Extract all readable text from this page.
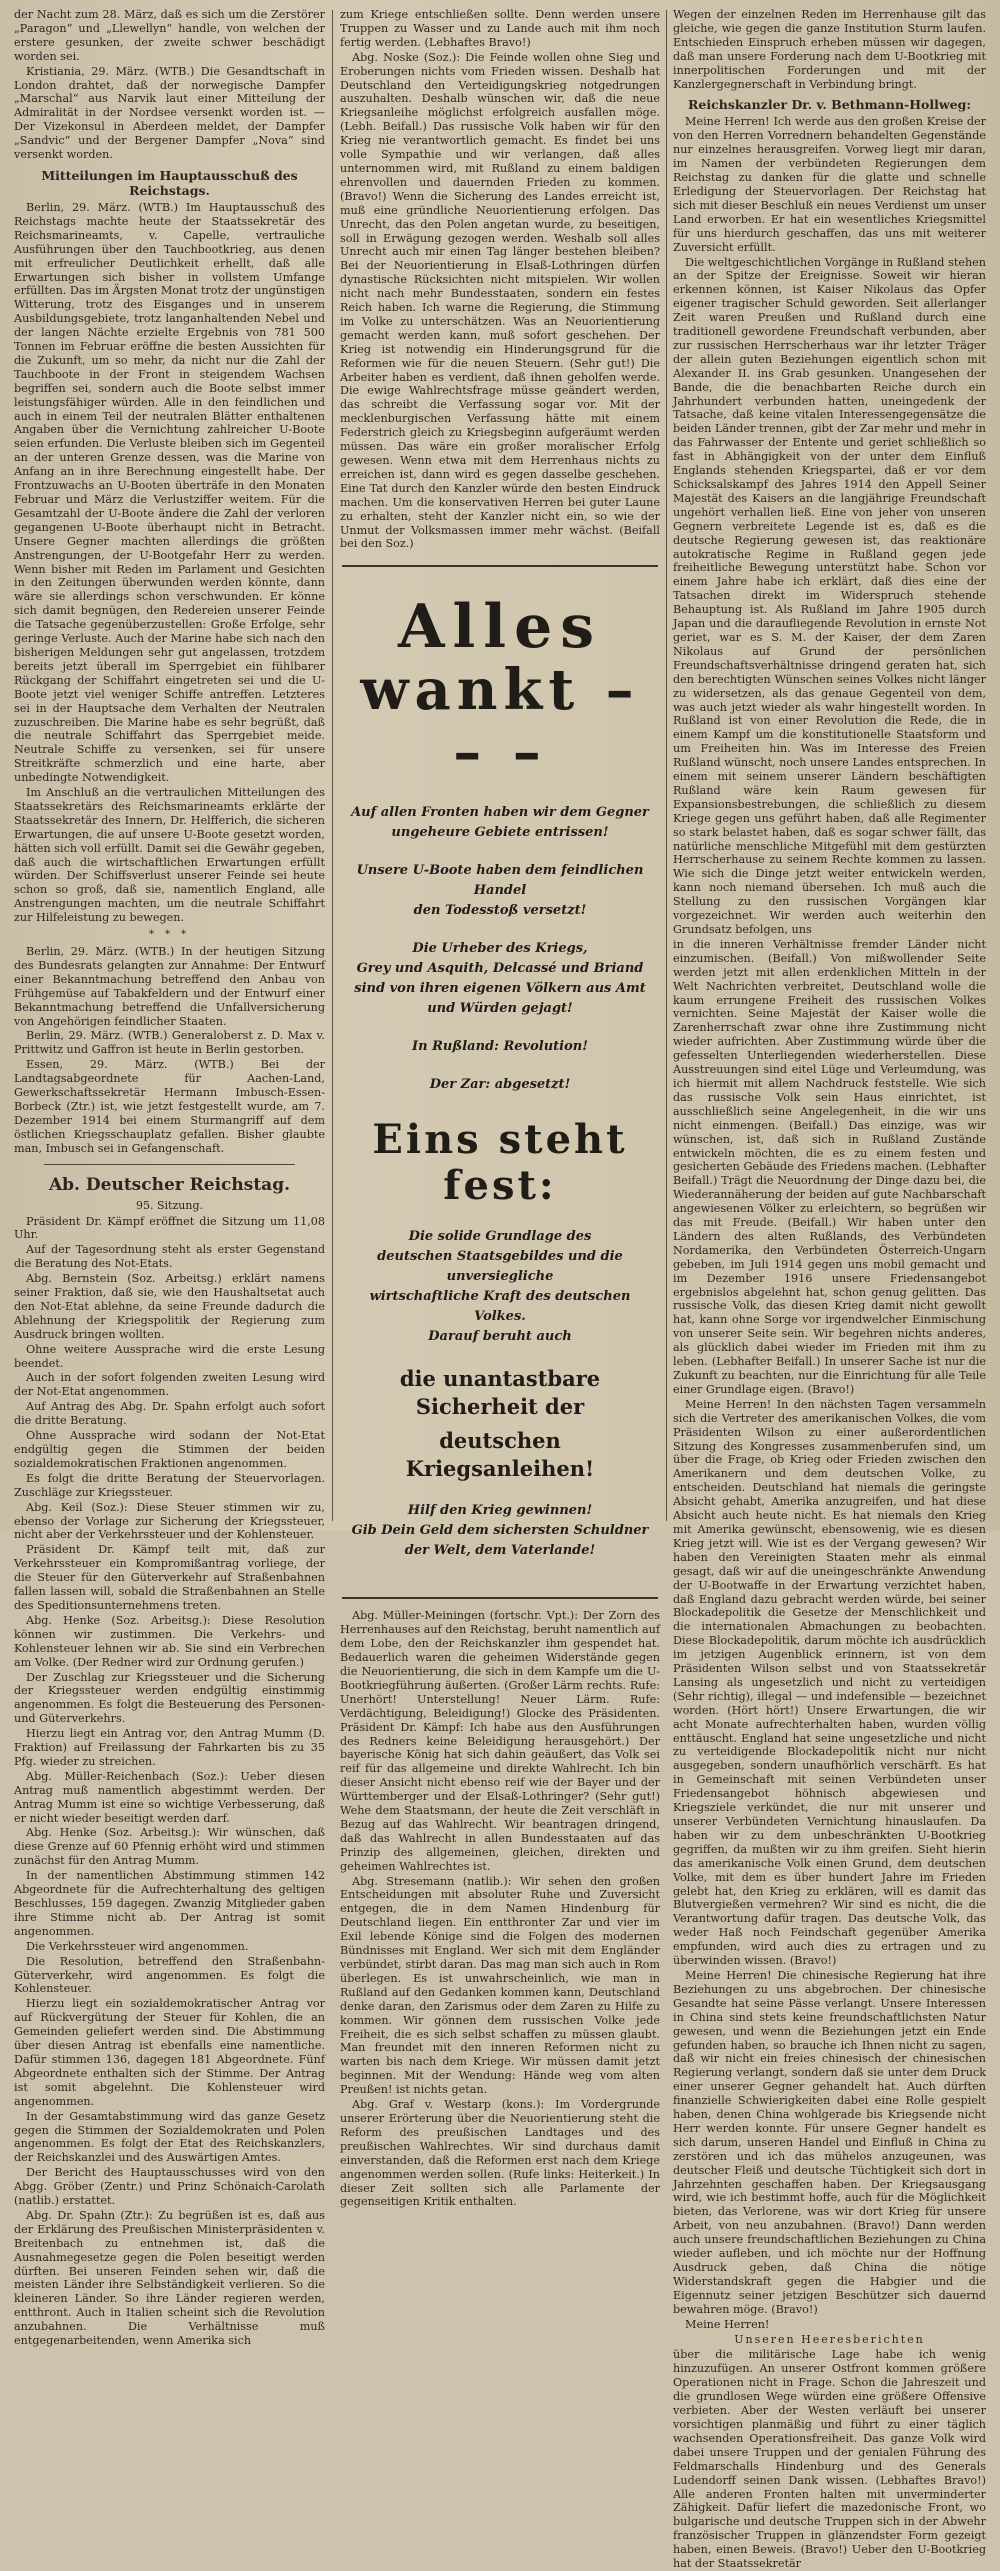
der Nacht zum 28. März, daß es sich um die Zerstörer „Paragon“ und „Llewellyn“ handle, von welchen der erstere gesunken, der zweite schwer beschädigt worden sei.

Kristiania, 29. März. (WTB.) Die Gesandtschaft in London drahtet, daß der norwegische Dampfer „Marschal“ aus Narvik laut einer Mitteilung der Admiralität in der Nordsee versenkt worden ist. — Der Vizekonsul in Aberdeen meldet, der Dampfer „Sandvic“ und der Bergener Dampfer „Nova“ sind versenkt worden.

Mitteilungen im Hauptausschuß des Reichstags.

Berlin, 29. März. (WTB.) Im Hauptausschuß des Reichstags machte heute der Staatssekretär des Reichsmarineamts, v. Capelle, vertrauliche Ausführungen über den Tauchbootkrieg, aus denen mit erfreulicher Deutlichkeit erhellt, daß alle Erwartungen sich bisher in vollstem Umfange erfüllten. Das im Ärgsten Monat trotz der ungünstigen Witterung, trotz des Eisganges und in unserem Ausbildungsgebiete, trotz langanhaltenden Nebel und der langen Nächte erzielte Ergebnis von 781 500 Tonnen im Februar eröffne die besten Aussichten für die Zukunft, um so mehr, da nicht nur die Zahl der Tauchboote in der Front in steigendem Wachsen begriffen sei, sondern auch die Boote selbst immer leistungsfähiger würden. Alle in den feindlichen und auch in einem Teil der neutralen Blätter enthaltenen Angaben über die Vernichtung zahlreicher U-Boote seien erfunden. Die Verluste bleiben sich im Gegenteil an der unteren Grenze dessen, was die Marine von Anfang an in ihre Berechnung eingestellt habe. Der Frontzuwachs an U-Booten überträfe in den Monaten Februar und März die Verlustziffer weitem. Für die Gesamtzahl der U-Boote ändere die Zahl der verloren gegangenen U-Boote überhaupt nicht in Betracht. Unsere Gegner machten allerdings die größten Anstrengungen, der U-Bootgefahr Herr zu werden. Wenn bisher mit Reden im Parlament und Gesichten in den Zeitungen überwunden werden könnte, dann wäre sie allerdings schon verschwunden. Er könne sich damit begnügen, den Redereien unserer Feinde die Tatsache gegenüberzustellen: Große Erfolge, sehr geringe Verluste. Auch der Marine habe sich nach den bisherigen Meldungen sehr gut angelassen, trotzdem bereits jetzt überall im Sperrgebiet ein fühlbarer Rückgang der Schiffahrt eingetreten sei und die U-Boote jetzt viel weniger Schiffe antreffen. Letzteres sei in der Hauptsache dem Verhalten der Neutralen zuzuschreiben. Die Marine habe es sehr begrüßt, daß die neutrale Schiffahrt das Sperrgebiet meide. Neutrale Schiffe zu versenken, sei für unsere Streitkräfte schmerzlich und eine harte, aber unbedingte Notwendigkeit.

Im Anschluß an die vertraulichen Mitteilungen des Staatssekretärs des Reichsmarineamts erklärte der Staatssekretär des Innern, Dr. Helfferich, die sicheren Erwartungen, die auf unsere U-Boote gesetzt worden, hätten sich voll erfüllt. Damit sei die Gewähr gegeben, daß auch die wirtschaftlichen Erwartungen erfüllt würden. Der Schiffsverlust unserer Feinde sei heute schon so groß, daß sie, namentlich England, alle Anstrengungen machten, um die neutrale Schiffahrt zur Hilfeleistung zu bewegen.

* * *

Berlin, 29. März. (WTB.) In der heutigen Sitzung des Bundesrats gelangten zur Annahme: Der Entwurf einer Bekanntmachung betreffend den Anbau von Frühgemüse auf Tabakfeldern und der Entwurf einer Bekanntmachung betreffend die Unfallversicherung von Angehörigen feindlicher Staaten.

Berlin, 29. März. (WTB.) Generaloberst z. D. Max v. Prittwitz und Gaffron ist heute in Berlin gestorben.

Essen, 29. März. (WTB.) Bei der Landtagsabgeordnete für Aachen-Land, Gewerkschaftssekretär Hermann Imbusch-Essen-Borbeck (Ztr.) ist, wie jetzt festgestellt wurde, am 7. Dezember 1914 bei einem Sturmangriff auf dem östlichen Kriegsschauplatz gefallen. Bisher glaubte man, Imbusch sei in Gefangenschaft.

Ab. Deutscher Reichstag.

95. Sitzung.

Präsident Dr. Kämpf eröffnet die Sitzung um 11,08 Uhr.

Auf der Tagesordnung steht als erster Gegenstand die Beratung des Not-Etats.

Abg. Bernstein (Soz. Arbeitsg.) erklärt namens seiner Fraktion, daß sie, wie den Haushaltsetat auch den Not-Etat ablehne, da seine Freunde dadurch die Ablehnung der Kriegspolitik der Regierung zum Ausdruck bringen wollten.

Ohne weitere Aussprache wird die erste Lesung beendet.

Auch in der sofort folgenden zweiten Lesung wird der Not-Etat angenommen.

Auf Antrag des Abg. Dr. Spahn erfolgt auch sofort die dritte Beratung.

Ohne Aussprache wird sodann der Not-Etat endgültig gegen die Stimmen der beiden sozialdemokratischen Fraktionen angenommen.

Es folgt die dritte Beratung der Steuervorlagen. Zuschläge zur Kriegssteuer.

Abg. Keil (Soz.): Diese Steuer stimmen wir zu, ebenso der Vorlage zur Sicherung der Kriegssteuer, nicht aber der Verkehrssteuer und der Kohlensteuer.

Präsident Dr. Kämpf teilt mit, daß zur Verkehrssteuer ein Kompromißantrag vorliege, der die Steuer für den Güterverkehr auf Straßenbahnen fallen lassen will, sobald die Straßenbahnen an Stelle des Speditionsunternehmens treten.

Abg. Henke (Soz. Arbeitsg.): Diese Resolution können wir zustimmen. Die Verkehrs- und Kohlensteuer lehnen wir ab. Sie sind ein Verbrechen am Volke. (Der Redner wird zur Ordnung gerufen.)

Der Zuschlag zur Kriegssteuer und die Sicherung der Kriegssteuer werden endgültig einstimmig angenommen. Es folgt die Besteuerung des Personen- und Güterverkehrs.

Hierzu liegt ein Antrag vor, den Antrag Mumm (D. Fraktion) auf Freilassung der Fahrkarten bis zu 35 Pfg. wieder zu streichen.

Abg. Müller-Reichenbach (Soz.): Ueber diesen Antrag muß namentlich abgestimmt werden. Der Antrag Mumm ist eine so wichtige Verbesserung, daß er nicht wieder beseitigt werden darf.

Abg. Henke (Soz. Arbeitsg.): Wir wünschen, daß diese Grenze auf 60 Pfennig erhöht wird und stimmen zunächst für den Antrag Mumm.

In der namentlichen Abstimmung stimmen 142 Abgeordnete für die Aufrechterhaltung des geltigen Beschlusses, 159 dagegen. Zwanzig Mitglieder gaben ihre Stimme nicht ab. Der Antrag ist somit angenommen.

Die Verkehrssteuer wird angenommen.

Die Resolution, betreffend den Straßenbahn-Güterverkehr, wird angenommen. Es folgt die Kohlensteuer.

Hierzu liegt ein sozialdemokratischer Antrag vor auf Rückvergütung der Steuer für Kohlen, die an Gemeinden geliefert werden sind. Die Abstimmung über diesen Antrag ist ebenfalls eine namentliche. Dafür stimmen 136, dagegen 181 Abgeordnete. Fünf Abgeordnete enthalten sich der Stimme. Der Antrag ist somit abgelehnt. Die Kohlensteuer wird angenommen.

In der Gesamtabstimmung wird das ganze Gesetz gegen die Stimmen der Sozialdemokraten und Polen angenommen. Es folgt der Etat des Reichskanzlers, der Reichskanzlei und des Auswärtigen Amtes.

Der Bericht des Hauptausschusses wird von den Abgg. Gröber (Zentr.) und Prinz Schönaich-Carolath (natlib.) erstattet.

Abg. Dr. Spahn (Ztr.): Zu begrüßen ist es, daß aus der Erklärung des Preußischen Ministerpräsidenten v. Breitenbach zu entnehmen ist, daß die Ausnahmegesetze gegen die Polen beseitigt werden dürften. Bei unseren Feinden sehen wir, daß die meisten Länder ihre Selbständigkeit verlieren. So die kleineren Länder. So ihre Länder regieren werden, entthront. Auch in Italien scheint sich die Revolution anzubahnen. Die Verhältnisse muß entgegenarbeitenden, wenn Amerika sich

zum Kriege entschließen sollte. Denn werden unsere Truppen zu Wasser und zu Lande auch mit ihm noch fertig werden. (Lebhaftes Bravo!)

Abg. Noske (Soz.): Die Feinde wollen ohne Sieg und Eroberungen nichts vom Frieden wissen. Deshalb hat Deutschland den Verteidigungskrieg notgedrungen auszuhalten. Deshalb wünschen wir, daß die neue Kriegsanleihe möglichst erfolgreich ausfallen möge. (Lebh. Beifall.) Das russische Volk haben wir für den Krieg nie verantwortlich gemacht. Es findet bei uns volle Sympathie und wir verlangen, daß alles unternommen wird, mit Rußland zu einem baldigen ehrenvollen und dauernden Frieden zu kommen. (Bravo!) Wenn die Sicherung des Landes erreicht ist, muß eine gründliche Neuorientierung erfolgen. Das Unrecht, das den Polen angetan wurde, zu beseitigen, soll in Erwägung gezogen werden. Weshalb soll alles Unrecht auch mir einen Tag länger bestehen bleiben? Bei der Neuorientierung in Elsaß-Lothringen dürfen dynastische Rücksichten nicht mitspielen. Wir wollen nicht nach mehr Bundesstaaten, sondern ein festes Reich haben. Ich warne die Regierung, die Stimmung im Volke zu unterschätzen. Was an Neuorientierung gemacht werden kann, muß sofort geschehen. Der Krieg ist notwendig ein Hinderungsgrund für die Reformen wie für die neuen Steuern. (Sehr gut!) Die Arbeiter haben es verdient, daß ihnen geholfen werde. Die ewige Wahlrechtsfrage müsse geändert werden, das schreibt die Verfassung sogar vor. Mit der mecklenburgischen Verfassung hätte mit einem Federstrich gleich zu Kriegsbeginn aufgeräumt werden müssen. Das wäre ein großer moralischer Erfolg gewesen. Wenn etwa mit dem Herrenhaus nichts zu erreichen ist, dann wird es gegen dasselbe geschehen. Eine Tat durch den Kanzler würde den besten Eindruck machen. Um die konservativen Herren bei guter Laune zu erhalten, steht der Kanzler nicht ein, so wie der Unmut der Volksmassen immer mehr wächst. (Beifall bei den Soz.)

Alles
wankt – – –

Auf allen Fronten haben wir dem Gegner

ungeheure Gebiete entrissen!

Unsere U-Boote haben dem feindlichen Handel

den Todesstoß versetzt!

Die Urheber des Kriegs,

Grey und Asquith, Delcassé und Briand

sind von ihren eigenen Völkern aus Amt

und Würden gejagt!

In Rußland: Revolution!

Der Zar: abgesetzt!

Eins steht fest:

Die solide Grundlage des

deutschen Staatsgebildes und die unversiegliche

wirtschaftliche Kraft des deutschen Volkes.

Darauf beruht auch

die unantastbare Sicherheit der

deutschen Kriegsanleihen!

Hilf den Krieg gewinnen!

Gib Dein Geld dem sichersten Schuldner

der Welt, dem Vaterlande!

Abg. Müller-Meiningen (fortschr. Vpt.): Der Zorn des Herrenhauses auf den Reichstag, beruht namentlich auf dem Lobe, den der Reichskanzler ihm gespendet hat. Bedauerlich waren die geheimen Widerstände gegen die Neuorientierung, die sich in dem Kampfe um die U-Bootkriegführung äußerten. (Großer Lärm rechts. Rufe: Unerhört! Unterstellung! Neuer Lärm. Rufe: Verdächtigung, Beleidigung!) Glocke des Präsidenten. Präsident Dr. Kämpf: Ich habe aus den Ausführungen des Redners keine Beleidigung herausgehört.) Der bayerische König hat sich dahin geäußert, das Volk sei reif für das allgemeine und direkte Wahlrecht. Ich bin dieser Ansicht nicht ebenso reif wie der Bayer und der Württemberger und der Elsaß-Lothringer? (Sehr gut!) Wehe dem Staatsmann, der heute die Zeit verschläft in Bezug auf das Wahlrecht. Wir beantragen dringend, daß das Wahlrecht in allen Bundesstaaten auf das Prinzip des allgemeinen, gleichen, direkten und geheimen Wahlrechtes ist.

Abg. Stresemann (natlib.): Wir sehen den großen Entscheidungen mit absoluter Ruhe und Zuversicht entgegen, die in dem Namen Hindenburg für Deutschland liegen. Ein entthronter Zar und vier im Exil lebende Könige sind die Folgen des modernen Bündnisses mit England. Wer sich mit dem Engländer verbündet, stirbt daran. Das mag man sich auch in Rom überlegen. Es ist unwahrscheinlich, wie man in Rußland auf den Gedanken kommen kann, Deutschland denke daran, den Zarismus oder dem Zaren zu Hilfe zu kommen. Wir gönnen dem russischen Volke jede Freiheit, die es sich selbst schaffen zu müssen glaubt. Man freundet mit den inneren Reformen nicht zu warten bis nach dem Kriege. Wir müssen damit jetzt beginnen. Mit der Wendung: Hände weg vom alten Preußen! ist nichts getan.

Abg. Graf v. Westarp (kons.): Im Vordergrunde unserer Erörterung über die Neuorientierung steht die Reform des preußischen Landtages und des preußischen Wahlrechtes. Wir sind durchaus damit einverstanden, daß die Reformen erst nach dem Kriege angenommen werden sollen. (Rufe links: Heiterkeit.) In dieser Zeit sollten sich alle Parlamente der gegenseitigen Kritik enthalten.

Wegen der einzelnen Reden im Herrenhause gilt das gleiche, wie gegen die ganze Institution Sturm laufen. Entschieden Einspruch erheben müssen wir dagegen, daß man unsere Forderung nach dem U-Bootkrieg mit innerpolitischen Forderungen und mit der Kanzlergegnerschaft in Verbindung bringt.

Reichskanzler Dr. v. Bethmann-Hollweg:

Meine Herren! Ich werde aus den großen Kreise der von den Herren Vorrednern behandelten Gegenstände nur einzelnes herausgreifen. Vorweg liegt mir daran, im Namen der verbündeten Regierungen dem Reichstag zu danken für die glatte und schnelle Erledigung der Steuervorlagen. Der Reichstag hat sich mit dieser Beschluß ein neues Verdienst um unser Land erworben. Er hat ein wesentliches Kriegsmittel für uns hierdurch geschaffen, das uns mit weiterer Zuversicht erfüllt.

Die weltgeschichtlichen Vorgänge in Rußland stehen an der Spitze der Ereignisse. Soweit wir hieran erkennen können, ist Kaiser Nikolaus das Opfer eigener tragischer Schuld geworden. Seit allerlanger Zeit waren Preußen und Rußland durch eine traditionell gewordene Freundschaft verbunden, aber zur russischen Herrscherhaus war ihr letzter Träger der allein guten Beziehungen eigentlich schon mit Alexander II. ins Grab gesunken. Unangesehen der Bande, die die benachbarten Reiche durch ein Jahrhundert verbunden hatten, uneingedenk der Tatsache, daß keine vitalen Interessengegensätze die beiden Länder trennen, gibt der Zar mehr und mehr in das Fahrwasser der Entente und geriet schließlich so fast in Abhängigkeit von der unter dem Einfluß Englands stehenden Kriegspartei, daß er vor dem Schicksalskampf des Jahres 1914 den Appell Seiner Majestät des Kaisers an die langjährige Freundschaft ungehört verhallen ließ. Eine von jeher von unseren Gegnern verbreitete Legende ist es, daß es die deutsche Regierung gewesen ist, das reaktionäre autokratische Regime in Rußland gegen jede freiheitliche Bewegung unterstützt habe. Schon vor einem Jahre habe ich erklärt, daß dies eine der Tatsachen direkt im Widerspruch stehende Behauptung ist. Als Rußland im Jahre 1905 durch Japan und die daraufliegende Revolution in ernste Not geriet, war es S. M. der Kaiser, der dem Zaren Nikolaus auf Grund der persönlichen Freundschaftsverhältnisse dringend geraten hat, sich den berechtigten Wünschen seines Volkes nicht länger zu widersetzen, als das genaue Gegenteil von dem, was auch jetzt wieder als wahr hingestellt worden. In Rußland ist von einer Revolution die Rede, die in einem Kampf um die konstitutionelle Staatsform und um Freiheiten hin. Was im Interesse des Freien Rußland wünscht, noch unsere Landes entsprechen. In einem mit seinem unserer Ländern beschäftigten Rußland wäre kein Raum gewesen für Expansionsbestrebungen, die schließlich zu diesem Kriege gegen uns geführt haben, daß alle Regimenter so stark belastet haben, daß es sogar schwer fällt, das natürliche menschliche Mitgefühl mit dem gestürzten Herrscherhause zu seinem Rechte kommen zu lassen. Wie sich die Dinge jetzt weiter entwickeln werden, kann noch niemand übersehen. Ich muß auch die Stellung zu den russischen Vorgängen klar vorgezeichnet. Wir werden auch weiterhin den Grundsatz befolgen, uns

in die inneren Verhältnisse fremder Länder nicht einzumischen. (Beifall.) Von mißwollender Seite werden jetzt mit allen erdenklichen Mitteln in der Welt Nachrichten verbreitet, Deutschland wolle die kaum errungene Freiheit des russischen Volkes vernichten. Seine Majestät der Kaiser wolle die Zarenherrschaft zwar ohne ihre Zustimmung nicht wieder aufrichten. Aber Zustimmung würde über die gefesselten Unterliegenden wiederherstellen. Diese Ausstreuungen sind eitel Lüge und Verleumdung, was ich hiermit mit allem Nachdruck feststelle. Wie sich das russische Volk sein Haus einrichtet, ist ausschließlich seine Angelegenheit, in die wir uns nicht einmengen. (Beifall.) Das einzige, was wir wünschen, ist, daß sich in Rußland Zustände entwickeln möchten, die es zu einem festen und gesicherten Gebäude des Friedens machen. (Lebhafter Beifall.) Trägt die Neuordnung der Dinge dazu bei, die Wiederannäherung der beiden auf gute Nachbarschaft angewiesenen Völker zu erleichtern, so begrüßen wir das mit Freude. (Beifall.) Wir haben unter den Ländern des alten Rußlands, des Verbündeten Nordamerika, den Verbündeten Österreich-Ungarn gebeben, im Juli 1914 gegen uns mobil gemacht und im Dezember 1916 unsere Friedensangebot ergebnislos abgelehnt hat, schon genug gelitten. Das russische Volk, das diesen Krieg damit nicht gewollt hat, kann ohne Sorge vor irgendwelcher Einmischung von unserer Seite sein. Wir begehren nichts anderes, als glücklich dabei wieder im Frieden mit ihm zu leben. (Lebhafter Beifall.) In unserer Sache ist nur die Zukunft zu beachten, nur die Einrichtung für alle Teile einer Grundlage eigen. (Bravo!)

Meine Herren! In den nächsten Tagen versammeln sich die Vertreter des amerikanischen Volkes, die vom Präsidenten Wilson zu einer außerordentlichen Sitzung des Kongresses zusammenberufen sind, um über die Frage, ob Krieg oder Frieden zwischen den Amerikanern und dem deutschen Volke, zu entscheiden. Deutschland hat niemals die geringste Absicht gehabt, Amerika anzugreifen, und hat diese Absicht auch heute nicht. Es hat niemals den Krieg mit Amerika gewünscht, ebensowenig, wie es diesen Krieg jetzt will. Wie ist es der Vergang gewesen? Wir haben den Vereinigten Staaten mehr als einmal gesagt, daß wir auf die uneingeschränkte Anwendung der U-Bootwaffe in der Erwartung verzichtet haben, daß England dazu gebracht werden würde, bei seiner Blockadepolitik die Gesetze der Menschlichkeit und die internationalen Abmachungen zu beobachten. Diese Blockadepolitik, darum möchte ich ausdrücklich im jetzigen Augenblick erinnern, ist von dem Präsidenten Wilson selbst und von Staatssekretär Lansing als ungesetzlich und nicht zu verteidigen (Sehr richtig), illegal — und indefensible — bezeichnet worden. (Hört hört!) Unsere Erwartungen, die wir acht Monate aufrechterhalten haben, wurden völlig enttäuscht. England hat seine ungesetzliche und nicht zu verteidigende Blockadepolitik nicht nur nicht ausgegeben, sondern unaufhörlich verschärft. Es hat in Gemeinschaft mit seinen Verbündeten unser Friedensangebot höhnisch abgewiesen und Kriegsziele verkündet, die nur mit unserer und unserer Verbündeten Vernichtung hinauslaufen. Da haben wir zu dem unbeschränkten U-Bootkrieg gegriffen, da mußten wir zu ihm greifen. Sieht hierin das amerikanische Volk einen Grund, dem deutschen Volke, mit dem es über hundert Jahre im Frieden gelebt hat, den Krieg zu erklären, will es damit das Blutvergießen vermehren? Wir sind es nicht, die die Verantwortung dafür tragen. Das deutsche Volk, das weder Haß noch Feindschaft gegenüber Amerika empfunden, wird auch dies zu ertragen und zu überwinden wissen. (Bravo!)

Meine Herren! Die chinesische Regierung hat ihre Beziehungen zu uns abgebrochen. Der chinesische Gesandte hat seine Pässe verlangt. Unsere Interessen in China sind stets keine freundschaftlichsten Natur gewesen, und wenn die Beziehungen jetzt ein Ende gefunden haben, so brauche ich Ihnen nicht zu sagen, daß wir nicht ein freies chinesisch der chinesischen Regierung verlangt, sondern daß sie unter dem Druck einer unserer Gegner gehandelt hat. Auch dürften finanzielle Schwierigkeiten dabei eine Rolle gespielt haben, denen China wohlgerade bis Kriegsende nicht Herr werden konnte. Für unsere Gegner handelt es sich darum, unseren Handel und Einfluß in China zu zerstören und ich das mühelos anzugeunen, was deutscher Fleiß und deutsche Tüchtigkeit sich dort in Jahrzehnten geschaffen haben. Der Kriegsausgang wird, wie ich bestimmt hoffe, auch für die Möglichkeit bieten, das Verlorene, was wir dort Krieg für unsere Arbeit, von neu anzubahnen. (Bravo!) Dann werden auch unsere freundschaftlichen Beziehungen zu China wieder aufleben, und ich möchte nur der Hoffnung Ausdruck geben, daß China die nötige Widerstandskraft gegen die Habgier und die Eigennutz seiner jetzigen Beschützer sich dauernd bewahren möge. (Bravo!)

Meine Herren!

Unseren Heeresberichten

über die militärische Lage habe ich wenig hinzuzufügen. An unserer Ostfront kommen größere Operationen nicht in Frage. Schon die Jahreszeit und die grundlosen Wege würden eine größere Offensive verbieten. Aber der Westen verläuft bei unserer vorsichtigen planmäßig und führt zu einer täglich wachsenden Operationsfreiheit. Das ganze Volk wird dabei unsere Truppen und der genialen Führung des Feldmarschalls Hindenburg und des Generals Ludendorff seinen Dank wissen. (Lebhaftes Bravo!) Alle anderen Fronten halten mit unverminderter Zähigkeit. Dafür liefert die mazedonische Front, wo bulgarische und deutsche Truppen sich in der Abwehr französischer Truppen in glänzendster Form gezeigt haben, einen Beweis. (Bravo!) Ueber den U-Bootkrieg hat der Staatssekretär
